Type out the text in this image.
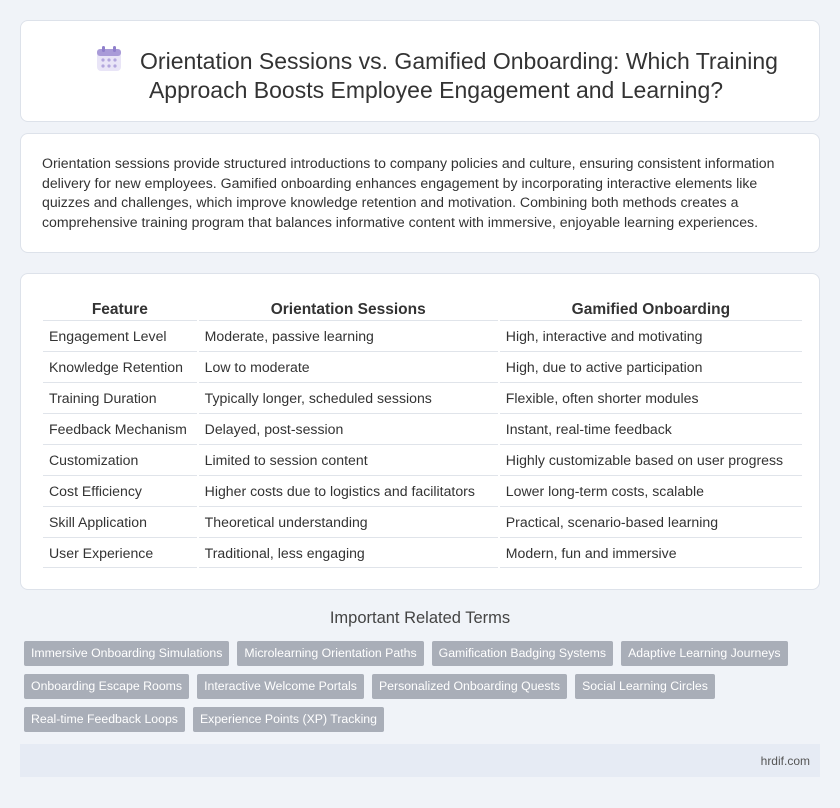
Orientation Sessions vs. Gamified Onboarding: Which Training Approach Boosts Employee Engagement and Learning?

Orientation sessions provide structured introductions to company policies and culture, ensuring consistent information delivery for new employees. Gamified onboarding enhances engagement by incorporating interactive elements like quizzes and challenges, which improve knowledge retention and motivation. Combining both methods creates a comprehensive training program that balances informative content with immersive, enjoyable learning experiences.

Feature	Orientation Sessions	Gamified Onboarding
Engagement Level	Moderate, passive learning	High, interactive and motivating
Knowledge Retention	Low to moderate	High, due to active participation
Training Duration	Typically longer, scheduled sessions	Flexible, often shorter modules
Feedback Mechanism	Delayed, post-session	Instant, real-time feedback
Customization	Limited to session content	Highly customizable based on user progress
Cost Efficiency	Higher costs due to logistics and facilitators	Lower long-term costs, scalable
Skill Application	Theoretical understanding	Practical, scenario-based learning
User Experience	Traditional, less engaging	Modern, fun and immersive
Important Related Terms
Immersive Onboarding Simulations	Microlearning Orientation Paths	Gamification Badging Systems	Adaptive Learning Journeys
Onboarding Escape Rooms	Interactive Welcome Portals	Personalized Onboarding Quests	Social Learning Circles
Real-time Feedback Loops	Experience Points (XP) Tracking
hrdif.com
